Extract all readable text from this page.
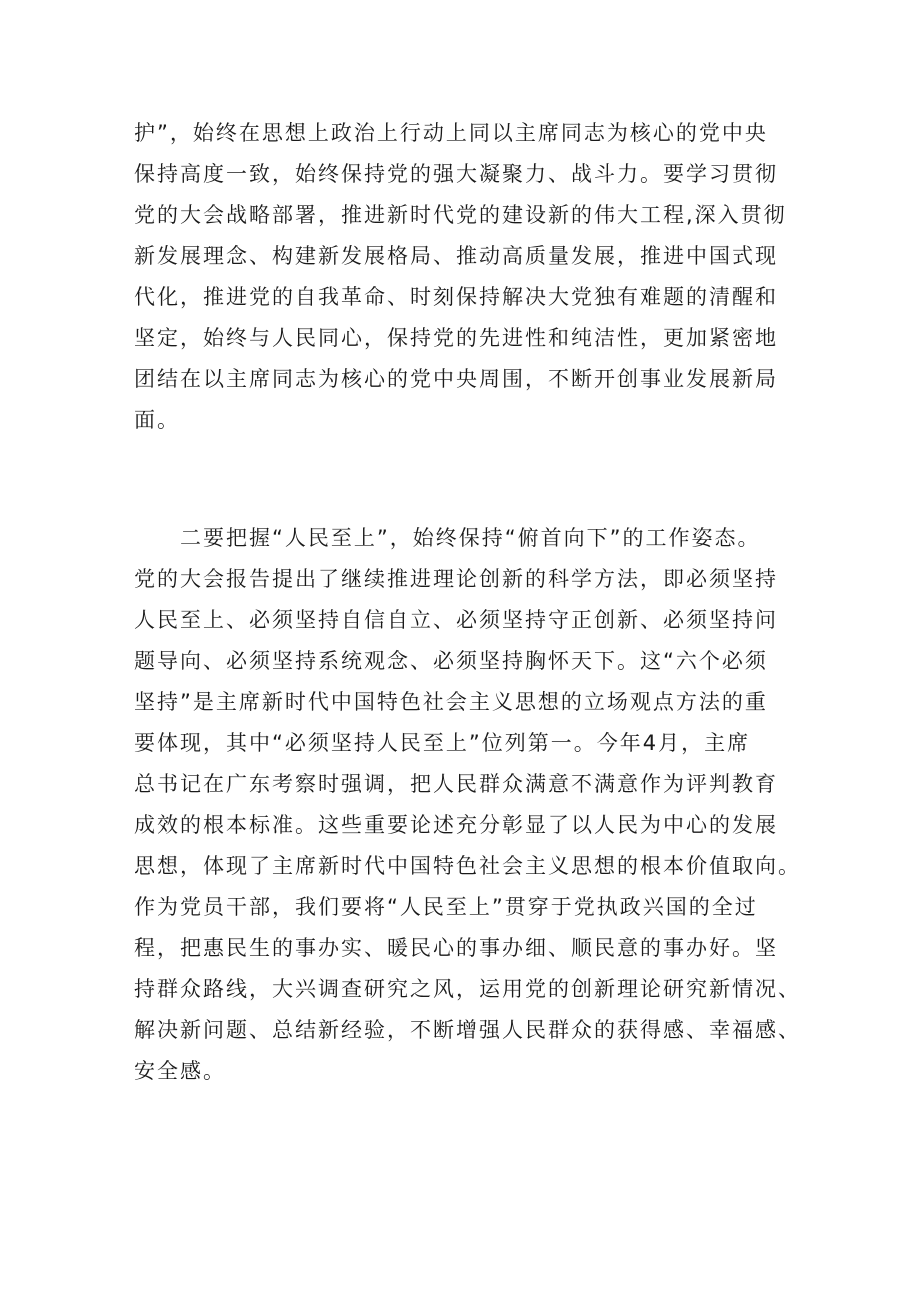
护”，始终在思想上政治上行动上同以主席同志为核心的党中央
保持高度一致，始终保持党的强大凝聚力、战斗力。要学习贯彻
党的大会战略部署，推进新时代党的建设新的伟大工程,深入贯彻
新发展理念、构建新发展格局、推动高质量发展，推进中国式现
代化，推进党的自我革命、时刻保持解决大党独有难题的清醒和
坚定，始终与人民同心，保持党的先进性和纯洁性，更加紧密地
团结在以主席同志为核心的党中央周围，不断开创事业发展新局
面。
　　二要把握“人民至上”，始终保持“俯首向下”的工作姿态。
党的大会报告提出了继续推进理论创新的科学方法，即必须坚持
人民至上、必须坚持自信自立、必须坚持守正创新、必须坚持问
题导向、必须坚持系统观念、必须坚持胸怀天下。这“六个必须
坚持”是主席新时代中国特色社会主义思想的立场观点方法的重
要体现，其中“必须坚持人民至上”位列第一。今年4月，主席
总书记在广东考察时强调，把人民群众满意不满意作为评判教育
成效的根本标准。这些重要论述充分彰显了以人民为中心的发展
思想，体现了主席新时代中国特色社会主义思想的根本价值取向。
作为党员干部，我们要将“人民至上”贯穿于党执政兴国的全过
程，把惠民生的事办实、暖民心的事办细、顺民意的事办好。坚
持群众路线，大兴调查研究之风，运用党的创新理论研究新情况、
解决新问题、总结新经验，不断增强人民群众的获得感、幸福感、
安全感。
